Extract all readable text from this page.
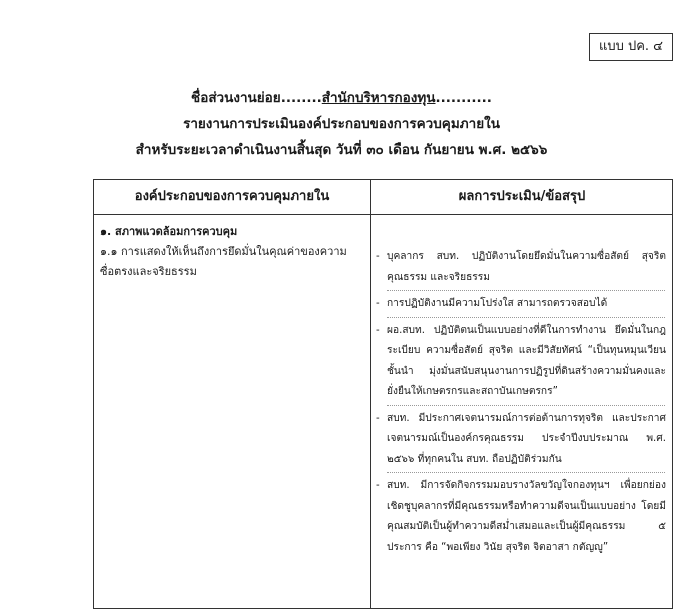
แบบ ปค. ๔
ชื่อส่วนงานย่อย........สำนักบริหารกองทุน...........
รายงานการประเมินองค์ประกอบของการควบคุมภายใน
สำหรับระยะเวลาดำเนินงานสิ้นสุด วันที่ ๓๐ เดือน กันยายน พ.ศ. ๒๕๖๖
องค์ประกอบของการควบคุมภายใน	ผลการประเมิน/ข้อสรุป
๑. สภาพแวดล้อมการควบคุม
๑.๑ การแสดงให้เห็นถึงการยึดมั่นในคุณค่าของความซื่อตรงและจริยธรรม
- บุคลากร สบท. ปฏิบัติงานโดยยึดมั่นในความซื่อสัตย์ สุจริต คุณธรรม และจริยธรรม
- การปฏิบัติงานมีความโปร่งใส สามารถตรวจสอบได้
- ผอ.สบท. ปฏิบัติตนเป็นแบบอย่างที่ดีในการทำงาน ยึดมั่นในกฎระเบียบ ความซื่อสัตย์ สุจริต และมีวิสัยทัศน์ “เป็นทุนหมุนเวียนชั้นนำ มุ่งมั่นสนับสนุนงานการปฏิรูปที่ดินสร้างความมั่นคงและยั่งยืนให้เกษตรกรและสถาบันเกษตรกร”
- สบท. มีประกาศเจตนารมณ์การต่อต้านการทุจริต และประกาศเจตนารมณ์เป็นองค์กรคุณธรรม ประจำปีงบประมาณ พ.ศ. ๒๕๖๖ ที่ทุกคนใน สบท. ถือปฏิบัติร่วมกัน
- สบท. มีการจัดกิจกรรมมอบรางวัลขวัญใจกองทุนฯ เพื่อยกย่องเชิดชูบุคลากรที่มีคุณธรรมหรือทำความดีจนเป็นแบบอย่าง โดยมีคุณสมบัติเป็นผู้ทำความดีสม่ำเสมอและเป็นผู้มีคุณธรรม ๕ ประการ คือ “พอเพียง วินัย สุจริต จิตอาสา กตัญญู”
